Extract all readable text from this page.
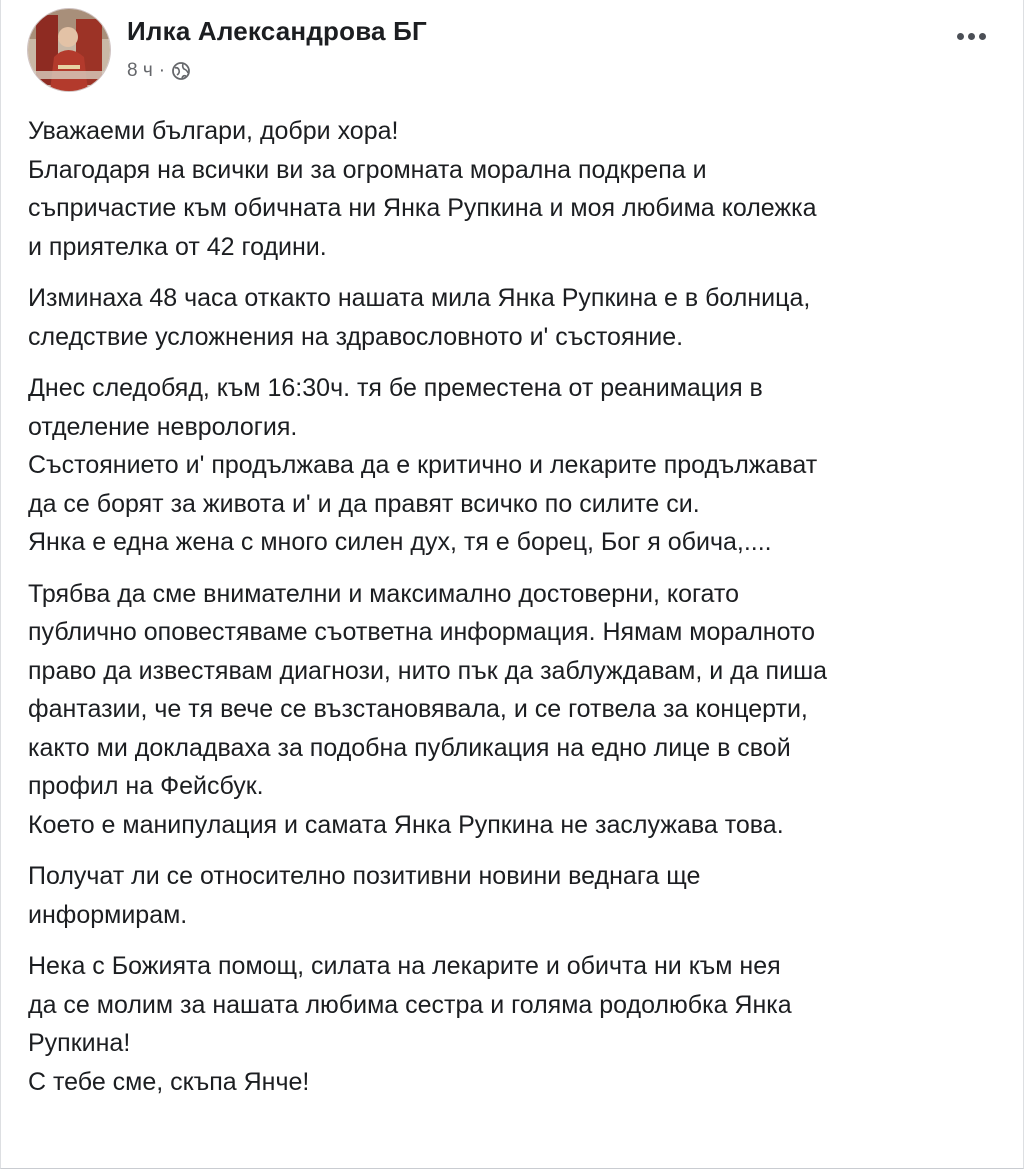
Илка Александрова БГ
8 ч ·
Уважаеми българи, добри хора!
Благодаря на всички ви за огромната морална подкрепа и
съпричастие към обичната ни Янка Рупкина и моя любима колежка
и приятелка от 42 години.
Изминаха 48 часа откакто нашата мила Янка Рупкина е в болница,
следствие усложнения на здравословното и' състояние.
Днес следобяд, към 16:30ч. тя бе преместена от реанимация в
отделение неврология.
Състоянието и' продължава да е критично и лекарите продължават
да се борят за живота и' и да правят всичко по силите си.
Янка е една жена с много силен дух, тя е борец, Бог я обича,....
Трябва да сме внимателни и максимално достоверни, когато
публично оповестяваме съответна информация. Нямам моралното
право да известявам диагнози, нито пък да заблуждавам, и да пиша
фантазии, че тя вече се възстановявала, и се готвела за концерти,
както ми докладваха за подобна публикация на едно лице в свой
профил на Фейсбук.
Което е манипулация и самата Янка Рупкина не заслужава това.
Получат ли се относително позитивни новини веднага ще
информирам.
Нека с Божията помощ, силата на лекарите и обичта ни към нея
да се молим за нашата любима сестра и голяма родолюбка Янка
Рупкина!
С тебе сме, скъпа Янче!
